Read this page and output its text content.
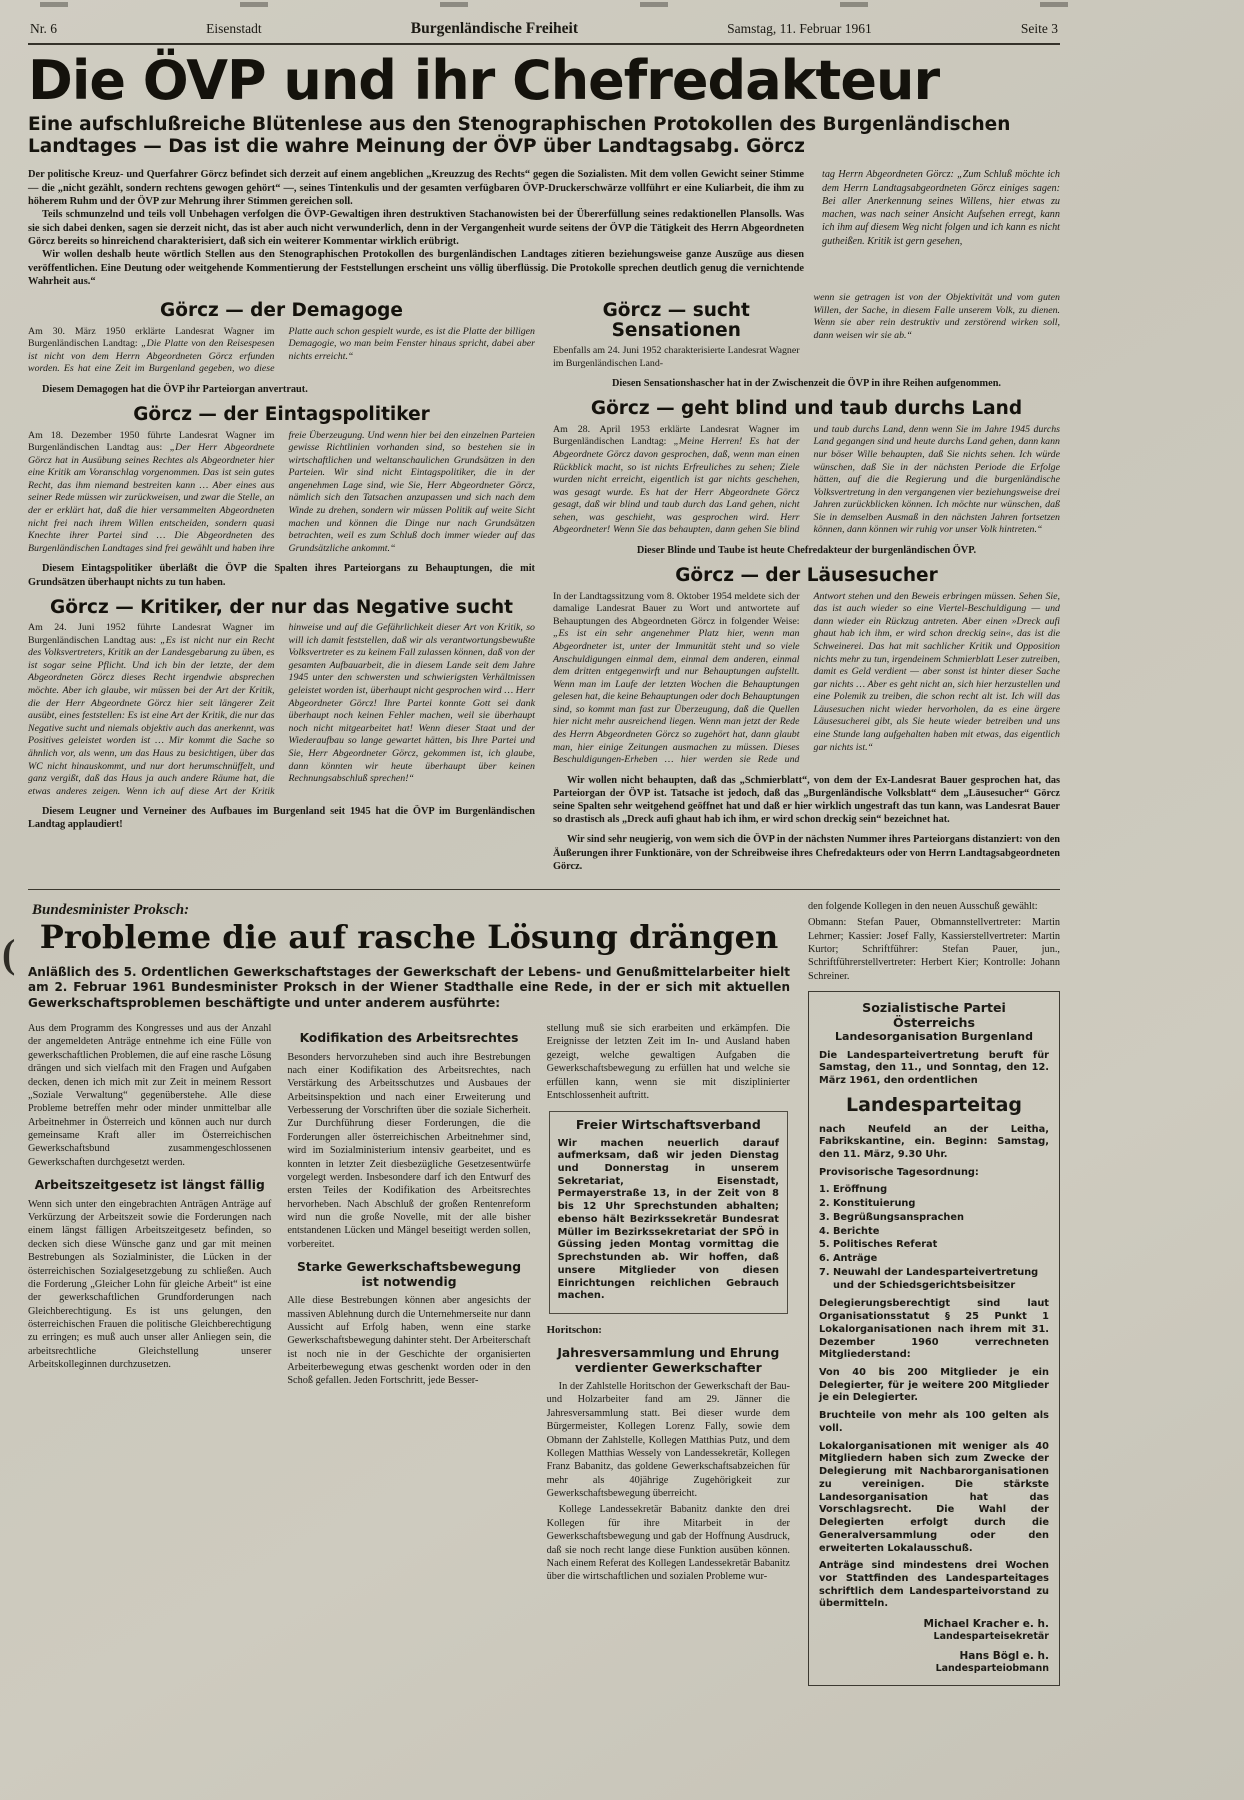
(
Nr. 6	Eisenstadt	Burgenländische Freiheit	Samstag, 11. Februar 1961	Seite 3
Die ÖVP und ihr Chefredakteur
Eine aufschlußreiche Blütenlese aus den Stenographischen Protokollen des Burgenländischen Landtages — Das ist die wahre Meinung der ÖVP über Landtagsabg. Görcz

Der politische Kreuz- und Querfahrer Görcz befindet sich derzeit auf einem angeblichen „Kreuzzug des Rechts“ gegen die Sozialisten. Mit dem vollen Gewicht seiner Stimme — die „nicht gezählt, sondern rechtens gewogen gehört“ —, seines Tintenkulis und der gesamten verfügbaren ÖVP-Druckerschwärze vollführt er eine Kuliarbeit, die ihm zu höherem Ruhm und der ÖVP zur Mehrung ihrer Stimmen gereichen soll.

Teils schmunzelnd und teils voll Unbehagen verfolgen die ÖVP-Gewaltigen ihren destruktiven Stachanowisten bei der Übererfüllung seines redaktionellen Plansolls. Was sie sich dabei denken, sagen sie derzeit nicht, das ist aber auch nicht verwunderlich, denn in der Vergangenheit wurde seitens der ÖVP die Tätigkeit des Herrn Abgeordneten Görcz bereits so hinreichend charakterisiert, daß sich ein weiterer Kommentar wirklich erübrigt.

Wir wollen deshalb heute wörtlich Stellen aus den Stenographischen Protokollen des burgenländischen Landtages zitieren beziehungsweise ganze Auszüge aus diesen veröffentlichen. Eine Deutung oder weitgehende Kommentierung der Feststellungen erscheint uns völlig überflüssig. Die Protokolle sprechen deutlich genug die vernichtende Wahrheit aus.“

tag Herrn Abgeordneten Görcz: „Zum Schluß möchte ich dem Herrn Landtagsabgeordneten Görcz einiges sagen: Bei aller Anerkennung seines Willens, hier etwas zu machen, was nach seiner Ansicht Aufsehen erregt, kann ich ihm auf diesem Weg nicht folgen und ich kann es nicht gutheißen. Kritik ist gern gesehen,
Görcz — der Demagoge
Am 30. März 1950 erklärte Landesrat Wagner im Burgenländischen Landtag: „Die Platte von den Reisespesen ist nicht von dem Herrn Abgeordneten Görcz erfunden worden. Es hat eine Zeit im Burgenland gegeben, wo diese Platte auch schon gespielt wurde, es ist die Platte der billigen Demagogie, wo man beim Fenster hinaus spricht, dabei aber nichts erreicht.“

Diesem Demagogen hat die ÖVP ihr Parteiorgan anvertraut.

Görcz — der Eintagspolitiker
Am 18. Dezember 1950 führte Landesrat Wagner im Burgenländischen Landtag aus: „Der Herr Abgeordnete Görcz hat in Ausübung seines Rechtes als Abgeordneter hier eine Kritik am Voranschlag vorgenommen. Das ist sein gutes Recht, das ihm niemand bestreiten kann … Aber eines aus seiner Rede müssen wir zurückweisen, und zwar die Stelle, an der er erklärt hat, daß die hier versammelten Abgeordneten nicht frei nach ihrem Willen entscheiden, sondern quasi Knechte ihrer Partei sind … Die Abgeordneten des Burgenländischen Landtages sind frei gewählt und haben ihre freie Überzeugung. Und wenn hier bei den einzelnen Parteien gewisse Richtlinien vorhanden sind, so bestehen sie in wirtschaftlichen und weltanschaulichen Grundsätzen in den Parteien. Wir sind nicht Eintagspolitiker, die in der angenehmen Lage sind, wie Sie, Herr Abgeordneter Görcz, nämlich sich den Tatsachen anzupassen und sich nach dem Winde zu drehen, sondern wir müssen Politik auf weite Sicht machen und können die Dinge nur nach Grundsätzen betrachten, weil es zum Schluß doch immer wieder auf das Grundsätzliche ankommt.“

Diesem Eintagspolitiker überläßt die ÖVP die Spalten ihres Parteiorgans zu Behauptungen, die mit Grundsätzen überhaupt nichts zu tun haben.

Görcz — Kritiker, der nur das Negative sucht
Am 24. Juni 1952 führte Landesrat Wagner im Burgenländischen Landtag aus: „Es ist nicht nur ein Recht des Volksvertreters, Kritik an der Landesgebarung zu üben, es ist sogar seine Pflicht. Und ich bin der letzte, der dem Abgeordneten Görcz dieses Recht irgendwie absprechen möchte. Aber ich glaube, wir müssen bei der Art der Kritik, die der Herr Abgeordnete Görcz hier seit längerer Zeit ausübt, eines feststellen: Es ist eine Art der Kritik, die nur das Negative sucht und niemals objektiv auch das anerkennt, was Positives geleistet worden ist … Mir kommt die Sache so ähnlich vor, als wenn, um das Haus zu besichtigen, über das WC nicht hinauskommt, und nur dort herumschnüffelt, und ganz vergißt, daß das Haus ja auch andere Räume hat, die etwas anderes zeigen. Wenn ich auf diese Art der Kritik hinweise und auf die Gefährlichkeit dieser Art von Kritik, so will ich damit feststellen, daß wir als verantwortungsbewußte Volksvertreter es zu keinem Fall zulassen können, daß von der gesamten Aufbauarbeit, die in diesem Lande seit dem Jahre 1945 unter den schwersten und schwierigsten Verhältnissen geleistet worden ist, überhaupt nicht gesprochen wird … Herr Abgeordneter Görcz! Ihre Partei konnte Gott sei dank überhaupt noch keinen Fehler machen, weil sie überhaupt noch nicht mitgearbeitet hat! Wenn dieser Staat und der Wiederaufbau so lange gewartet hätten, bis Ihre Partei und Sie, Herr Abgeordneter Görcz, gekommen ist, ich glaube, dann könnten wir heute überhaupt über keinen Rechnungsabschluß sprechen!“

Diesem Leugner und Verneiner des Aufbaues im Burgenland seit 1945 hat die ÖVP im Burgenländischen Landtag applaudiert!

Görcz — sucht Sensationen
Ebenfalls am 24. Juni 1952 charakterisierte Landesrat Wagner im Burgenländischen Land-
wenn sie getragen ist von der Objektivität und vom guten Willen, der Sache, in diesem Falle unserem Volk, zu dienen. Wenn sie aber rein destruktiv und zerstörend wirken soll, dann weisen wir sie ab.“

Diesen Sensationshascher hat in der Zwischenzeit die ÖVP in ihre Reihen aufgenommen.

Görcz — geht blind und taub durchs Land
Am 28. April 1953 erklärte Landesrat Wagner im Burgenländischen Landtag: „Meine Herren! Es hat der Abgeordnete Görcz davon gesprochen, daß, wenn man einen Rückblick macht, so ist nichts Erfreuliches zu sehen; Ziele wurden nicht erreicht, eigentlich ist gar nichts geschehen, was gesagt wurde. Es hat der Herr Abgeordnete Görcz gesagt, daß wir blind und taub durch das Land gehen, nicht sehen, was geschieht, was gesprochen wird. Herr Abgeordneter! Wenn Sie das behaupten, dann gehen Sie blind und taub durchs Land, denn wenn Sie im Jahre 1945 durchs Land gegangen sind und heute durchs Land gehen, dann kann nur böser Wille behaupten, daß Sie nichts sehen. Ich würde wünschen, daß Sie in der nächsten Periode die Erfolge hätten, auf die die Regierung und die burgenländische Volksvertretung in den vergangenen vier beziehungsweise drei Jahren zurückblicken können. Ich möchte nur wünschen, daß Sie in demselben Ausmaß in den nächsten Jahren fortsetzen können, dann können wir ruhig vor unser Volk hintreten.“

Dieser Blinde und Taube ist heute Chefredakteur der burgenländischen ÖVP.

Görcz — der Läusesucher
In der Landtagssitzung vom 8. Oktober 1954 meldete sich der damalige Landesrat Bauer zu Wort und antwortete auf Behauptungen des Abgeordneten Görcz in folgender Weise: „Es ist ein sehr angenehmer Platz hier, wenn man Abgeordneter ist, unter der Immunität steht und so viele Anschuldigungen einmal dem, einmal dem anderen, einmal dem dritten entgegenwirft und nur Behauptungen aufstellt. Wenn man im Laufe der letzten Wochen die Behauptungen gelesen hat, die keine Behauptungen oder doch Behauptungen sind, so kommt man fast zur Überzeugung, daß die Quellen hier nicht mehr ausreichend liegen. Wenn man jetzt der Rede des Herrn Abgeordneten Görcz so zugehört hat, dann glaubt man, hier einige Zeitungen ausmachen zu müssen. Dieses Beschuldigungen-Erheben … hier werden sie Rede und Antwort stehen und den Beweis erbringen müssen. Sehen Sie, das ist auch wieder so eine Viertel-Beschuldigung — und dann wieder ein Rückzug antreten. Aber einen »Dreck aufi ghaut hab ich ihm, er wird schon dreckig sein«, das ist die Schweinerei. Das hat mit sachlicher Kritik und Opposition nichts mehr zu tun, irgendeinem Schmierblatt Leser zutreiben, damit es Geld verdient — aber sonst ist hinter dieser Sache gar nichts … Aber es geht nicht an, sich hier herzustellen und eine Polemik zu treiben, die schon recht alt ist. Ich will das Läusesuchen nicht wieder hervorholen, da es eine ärgere Läusesucherei gibt, als Sie heute wieder betreiben und uns eine Stunde lang aufgehalten haben mit etwas, das eigentlich gar nichts ist.“

Wir wollen nicht behaupten, daß das „Schmierblatt“, von dem der Ex-Landesrat Bauer gesprochen hat, das Parteiorgan der ÖVP ist. Tatsache ist jedoch, daß das „Burgenländische Volksblatt“ dem „Läusesucher“ Görcz seine Spalten sehr weitgehend geöffnet hat und daß er hier wirklich ungestraft das tun kann, was Landesrat Bauer so drastisch als „Dreck aufi ghaut hab ich ihm, er wird schon dreckig sein“ bezeichnet hat.

Wir sind sehr neugierig, von wem sich die ÖVP in der nächsten Nummer ihres Parteiorgans distanziert: von den Äußerungen ihrer Funktionäre, von der Schreibweise ihres Chefredakteurs oder von Herrn Landtagsabgeordneten Görcz.

Bundesminister Proksch:
Probleme die auf rasche Lösung drängen

Anläßlich des 5. Ordentlichen Gewerkschaftstages der Gewerkschaft der Lebens- und Genußmittelarbeiter hielt am 2. Februar 1961 Bundesminister Proksch in der Wiener Stadthalle eine Rede, in der er sich mit aktuellen Gewerkschaftsproblemen beschäftigte und unter anderem ausführte:

Aus dem Programm des Kongresses und aus der Anzahl der angemeldeten Anträge entnehme ich eine Fülle von gewerkschaftlichen Problemen, die auf eine rasche Lösung drängen und sich vielfach mit den Fragen und Aufgaben decken, denen ich mich mit zur Zeit in meinem Ressort „Soziale Verwaltung“ gegenüberstehe. Alle diese Probleme betreffen mehr oder minder unmittelbar alle Arbeitnehmer in Österreich und können auch nur durch gemeinsame Kraft aller im Österreichischen Gewerkschaftsbund zusammengeschlossenen Gewerkschaften durchgesetzt werden.

Arbeitszeitgesetz ist längst fällig

Wenn sich unter den eingebrachten Anträgen Anträge auf Verkürzung der Arbeitszeit sowie die Forderungen nach einem längst fälligen Arbeitszeitgesetz befinden, so decken sich diese Wünsche ganz und gar mit meinen Bestrebungen als Sozialminister, die Lücken in der österreichischen Sozialgesetzgebung zu schließen. Auch die Forderung „Gleicher Lohn für gleiche Arbeit“ ist eine der gewerkschaftlichen Grundforderungen nach Gleichberechtigung. Es ist uns gelungen, den österreichischen Frauen die politische Gleichberechtigung zu erringen; es muß auch unser aller Anliegen sein, die arbeitsrechtliche Gleichstellung unserer Arbeitskolleginnen durchzusetzen.

Kodifikation des Arbeitsrechtes

Besonders hervorzuheben sind auch ihre Bestrebungen nach einer Kodifikation des Arbeitsrechtes, nach Verstärkung des Arbeitsschutzes und Ausbaues der Arbeitsinspektion und nach einer Erweiterung und Verbesserung der Vorschriften über die soziale Sicherheit. Zur Durchführung dieser Forderungen, die die Forderungen aller österreichischen Arbeitnehmer sind, wird im Sozialministerium intensiv gearbeitet, und es konnten in letzter Zeit diesbezügliche Gesetzesentwürfe vorgelegt werden. Insbesondere darf ich den Entwurf des ersten Teiles der Kodifikation des Arbeitsrechtes hervorheben. Nach Abschluß der großen Rentenreform wird nun die große Novelle, mit der alle bisher entstandenen Lücken und Mängel beseitigt werden sollen, vorbereitet.

Starke Gewerkschaftsbewegung ist notwendig

Alle diese Bestrebungen können aber angesichts der massiven Ablehnung durch die Unternehmerseite nur dann Aussicht auf Erfolg haben, wenn eine starke Gewerkschaftsbewegung dahinter steht. Der Arbeiterschaft ist noch nie in der Geschichte der organisierten Arbeiterbewegung etwas geschenkt worden oder in den Schoß gefallen. Jeden Fortschritt, jede Besser-

stellung muß sie sich erarbeiten und erkämpfen. Die Ereignisse der letzten Zeit im In- und Ausland haben gezeigt, welche gewaltigen Aufgaben die Gewerkschaftsbewegung zu erfüllen hat und welche sie erfüllen kann, wenn sie mit disziplinierter Entschlossenheit auftritt.

Freier Wirtschaftsverband

Wir machen neuerlich darauf aufmerksam, daß wir jeden Dienstag und Donnerstag in unserem Sekretariat, Eisenstadt, Permayerstraße 13, in der Zeit von 8 bis 12 Uhr Sprechstunden abhalten; ebenso hält Bezirkssekretär Bundesrat Müller im Bezirkssekretariat der SPÖ in Güssing jeden Montag vormittag die Sprechstunden ab. Wir hoffen, daß unsere Mitglieder von diesen Einrichtungen reichlichen Gebrauch machen.

Horitschon:
Jahresversammlung und Ehrung verdienter Gewerkschafter

In der Zahlstelle Horitschon der Gewerkschaft der Bau- und Holzarbeiter fand am 29. Jänner die Jahresversammlung statt. Bei dieser wurde dem Bürgermeister, Kollegen Lorenz Fally, sowie dem Obmann der Zahlstelle, Kollegen Matthias Putz, und dem Kollegen Matthias Wessely von Landessekretär, Kollegen Franz Babanitz, das goldene Gewerkschaftsabzeichen für mehr als 40jährige Zugehörigkeit zur Gewerkschaftsbewegung überreicht.

Kollege Landessekretär Babanitz dankte den drei Kollegen für ihre Mitarbeit in der Gewerkschaftsbewegung und gab der Hoffnung Ausdruck, daß sie noch recht lange diese Funktion ausüben können. Nach einem Referat des Kollegen Landessekretär Babanitz über die wirtschaftlichen und sozialen Probleme wur-

den folgende Kollegen in den neuen Ausschuß gewählt:

Obmann: Stefan Pauer, Obmannstellvertreter: Martin Lehrner; Kassier: Josef Fally, Kassierstellvertreter: Martin Kurtor; Schriftführer: Stefan Pauer, jun., Schriftführerstellvertreter: Herbert Kier; Kontrolle: Johann Schreiner.

Sozialistische Partei Österreichs
Landesorganisation Burgenland

Die Landesparteivertretung beruft für Samstag, den 11., und Sonntag, den 12. März 1961, den ordentlichen

Landesparteitag

nach Neufeld an der Leitha, Fabrikskantine, ein. Beginn: Samstag, den 11. März, 9.30 Uhr.

Provisorische Tagesordnung:

1. Eröffnung
2. Konstituierung
3. Begrüßungsansprachen
4. Berichte
5. Politisches Referat
6. Anträge
7. Neuwahl der Landesparteivertretung und der Schiedsgerichtsbeisitzer

Delegierungsberechtigt sind laut Organisationsstatut § 25 Punkt 1 Lokalorganisationen nach ihrem mit 31. Dezember 1960 verrechneten Mitgliederstand:

Von 40 bis 200 Mitglieder je ein Delegierter, für je weitere 200 Mitglieder je ein Delegierter.

Bruchteile von mehr als 100 gelten als voll.

Lokalorganisationen mit weniger als 40 Mitgliedern haben sich zum Zwecke der Delegierung mit Nachbarorganisationen zu vereinigen. Die stärkste Landesorganisation hat das Vorschlagsrecht. Die Wahl der Delegierten erfolgt durch die Generalversammlung oder den erweiterten Lokalausschuß.

Anträge sind mindestens drei Wochen vor Stattfinden des Landesparteitages schriftlich dem Landesparteivorstand zu übermitteln.

Michael Kracher e. h.
Landesparteisekretär
Hans Bögl e. h.
Landesparteiobmann
